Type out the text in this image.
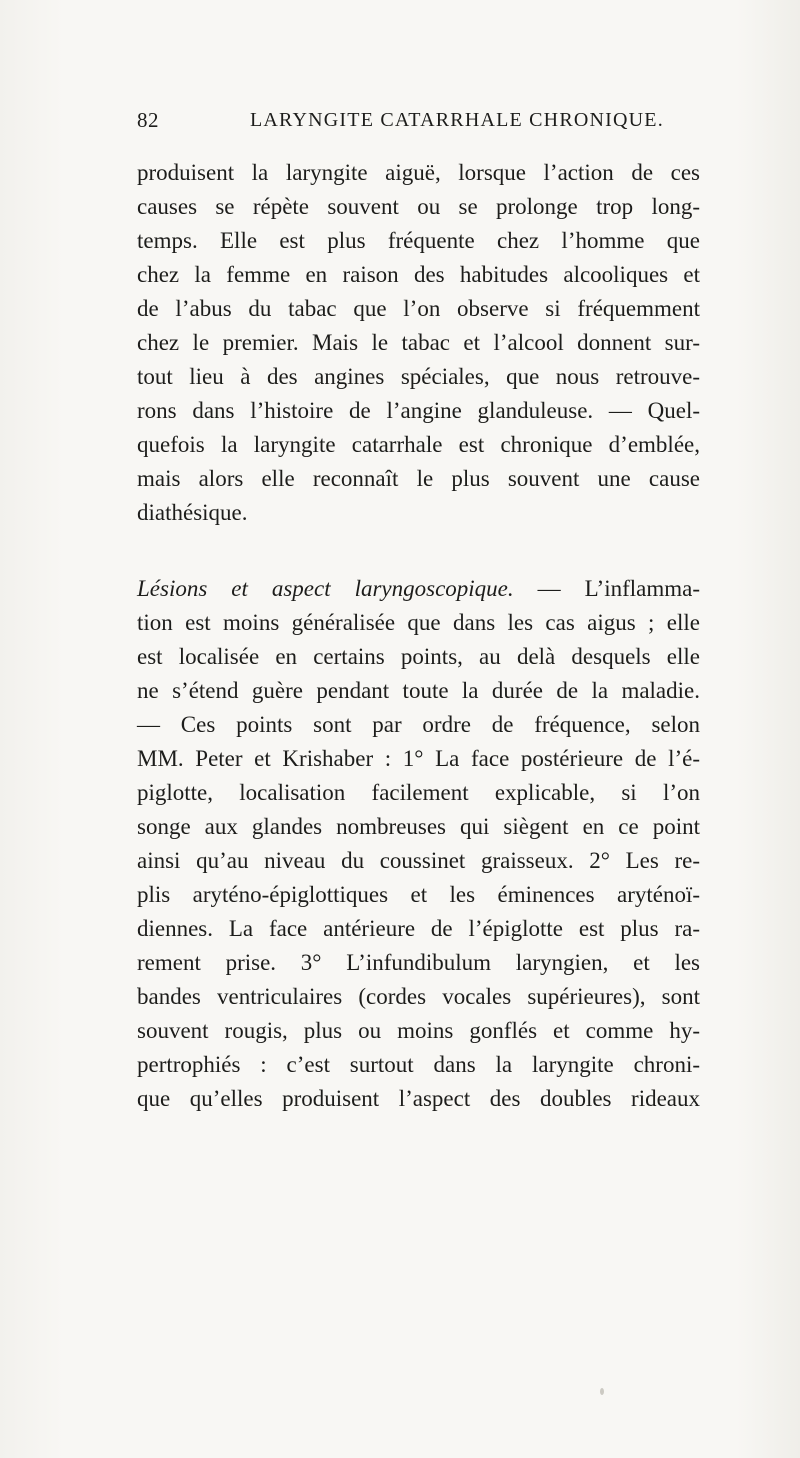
82	LARYNGITE CATARRHALE CHRONIQUE.
produisent la laryngite aiguë, lorsque l’action de ces
causes se répète souvent ou se prolonge trop long-
temps. Elle est plus fréquente chez l’homme que
chez la femme en raison des habitudes alcooliques et
de l’abus du tabac que l’on observe si fréquemment
chez le premier. Mais le tabac et l’alcool donnent sur-
tout lieu à des angines spéciales, que nous retrouve-
rons dans l’histoire de l’angine glanduleuse. — Quel-
quefois la laryngite catarrhale est chronique d’emblée,
mais alors elle reconnaît le plus souvent une cause
diathésique.
Lésions et aspect laryngoscopique. — L’inflamma-
tion est moins généralisée que dans les cas aigus ; elle
est localisée en certains points, au delà desquels elle
ne s’étend guère pendant toute la durée de la maladie.
— Ces points sont par ordre de fréquence, selon
MM. Peter et Krishaber : 1° La face postérieure de l’é-
piglotte, localisation facilement explicable, si l’on
songe aux glandes nombreuses qui siègent en ce point
ainsi qu’au niveau du coussinet graisseux. 2° Les re-
plis aryténo-épiglottiques et les éminences aryténoï-
diennes. La face antérieure de l’épiglotte est plus ra-
rement prise. 3° L’infundibulum laryngien, et les
bandes ventriculaires (cordes vocales supérieures), sont
souvent rougis, plus ou moins gonflés et comme hy-
pertrophiés : c’est surtout dans la laryngite chroni-
que qu’elles produisent l’aspect des doubles rideaux
